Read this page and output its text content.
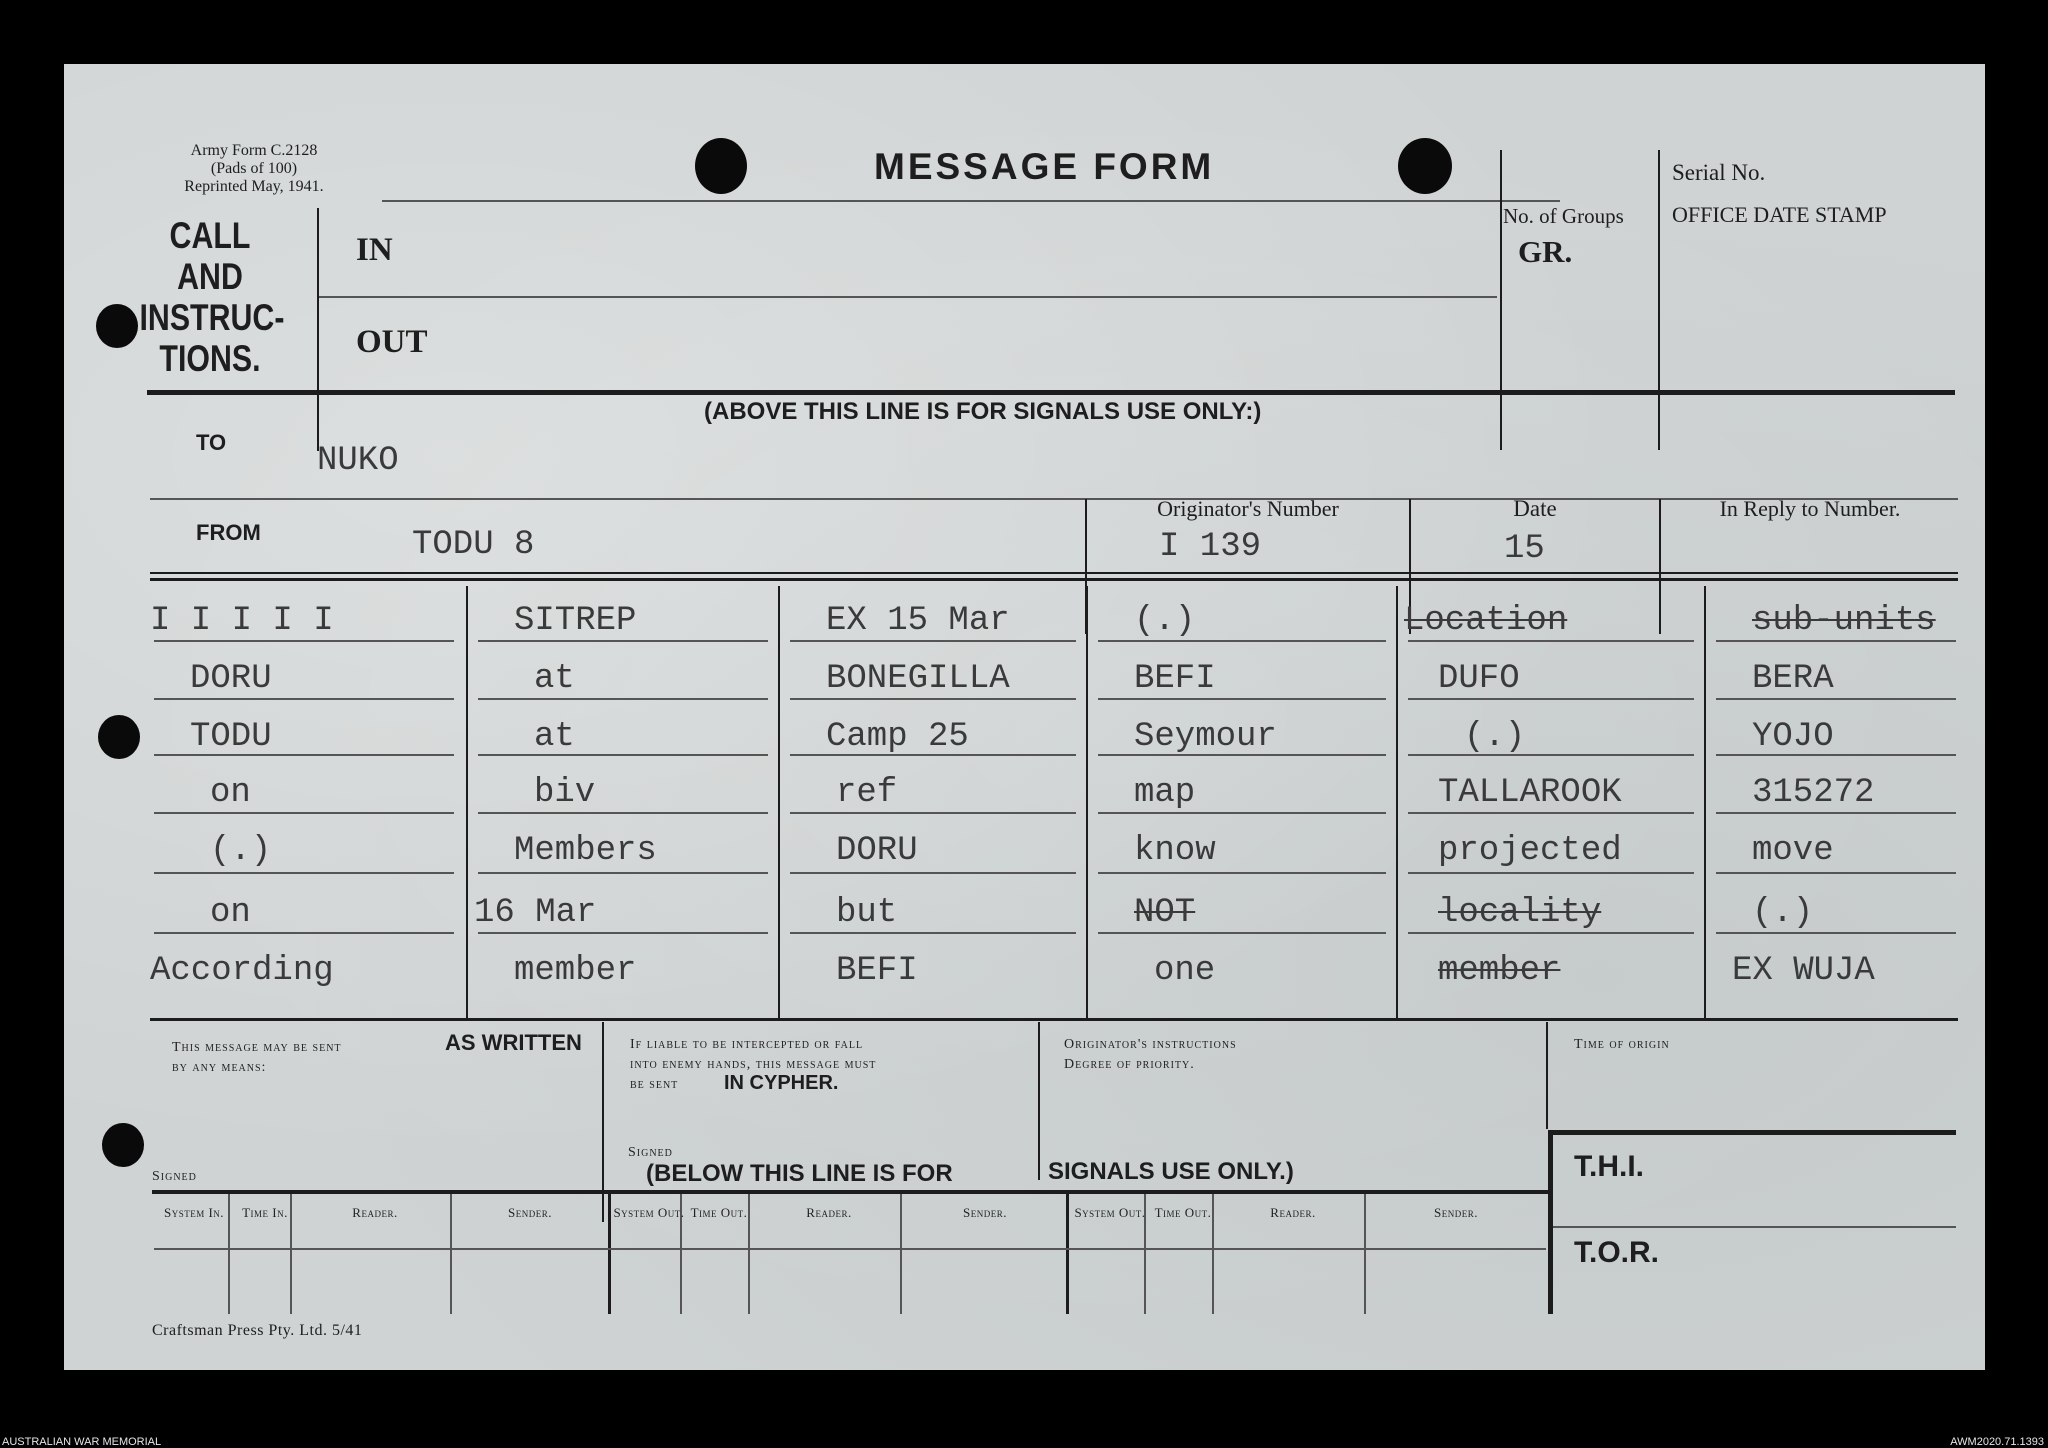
Army Form C.2128
(Pads of 100)
Reprinted May, 1941.	MESSAGE FORM
CALL
AND
INSTRUC-
TIONS.
IN
OUT
No. of Groups
GR.
Serial No.
OFFICE DATE STAMP
(ABOVE THIS LINE IS FOR SIGNALS USE ONLY:)
TO	NUKO
FROM	TODU 8
Originator's Number
I 139
Date
15
In Reply to Number.
I I I I I	SITREP	EX 15 Mar	(.)	Location	sub-units
DORU	at	BONEGILLA	BEFI	DUFO	BERA
TODU	at	Camp 25	Seymour	(.)	YOJO
on	biv	ref	map	TALLAROOK	315272
(.)	Members	DORU	know	projected	move
on	16 Mar	but	NOT	locality	(.)
According	member	BEFI	one	member	EX WUJA
This message may be sent
by any means:
AS WRITTEN	If liable to be intercepted or fall
into enemy hands, this message must
be sent IN CYPHER.
Originator's instructions
Degree of priority.
Time of origin
Signed
Signed
(BELOW THIS LINE IS FOR	SIGNALS USE ONLY.)	T.H.I.
T.O.R.
System In.	Time In.	Reader.	Sender.	System Out. Time Out.	Reader.	Sender.	System Out. Time Out.	Reader.	Sender.
Craftsman Press Pty. Ltd. 5/41
AUSTRALIAN WAR MEMORIAL	AWM2020.71.1393
